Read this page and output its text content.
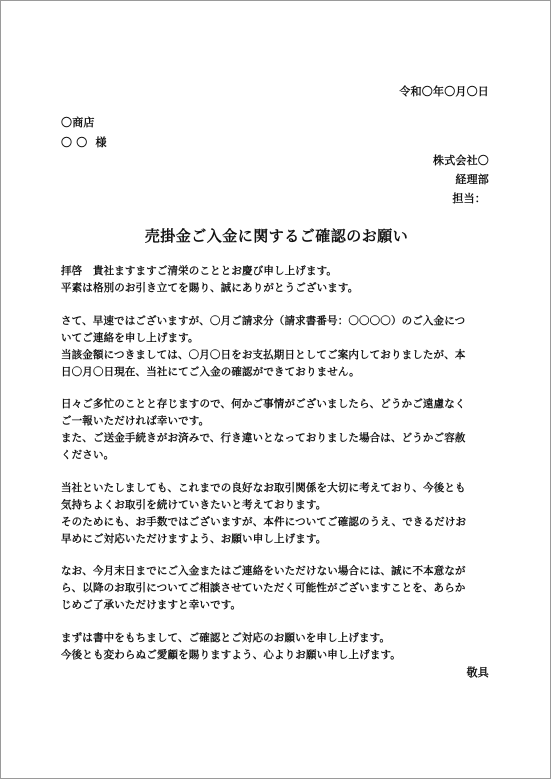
令和〇年〇月〇日
〇商店
〇 〇  様
株式会社〇
経理部
担当：
売掛金ご入金に関するご確認のお願い
拝啓　貴社ますますご清栄のこととお慶び申し上げます。
平素は格別のお引き立てを賜り、誠にありがとうございます。
さて、早速ではございますが、〇月ご請求分（請求書番号：〇〇〇〇）のご入金につ
いてご連絡を申し上げます。
当該金額につきましては、〇月〇日をお支払期日としてご案内しておりましたが、本
日〇月〇日現在、当社にてご入金の確認ができておりません。
日々ご多忙のことと存じますので、何かご事情がございましたら、どうかご遠慮なく
ご一報いただければ幸いです。
また、ご送金手続きがお済みで、行き違いとなっておりました場合は、どうかご容赦
ください。
当社といたしましても、これまでの良好なお取引関係を大切に考えており、今後とも
気持ちよくお取引を続けていきたいと考えております。
そのためにも、お手数ではございますが、本件についてご確認のうえ、できるだけお
早めにご対応いただけますよう、お願い申し上げます。
なお、今月末日までにご入金またはご連絡をいただけない場合には、誠に不本意なが
ら、以降のお取引についてご相談させていただく可能性がございますことを、あらか
じめご了承いただけますと幸いです。
まずは書中をもちまして、ご確認とご対応のお願いを申し上げます。
今後とも変わらぬご愛顧を賜りますよう、心よりお願い申し上げます。
敬具
